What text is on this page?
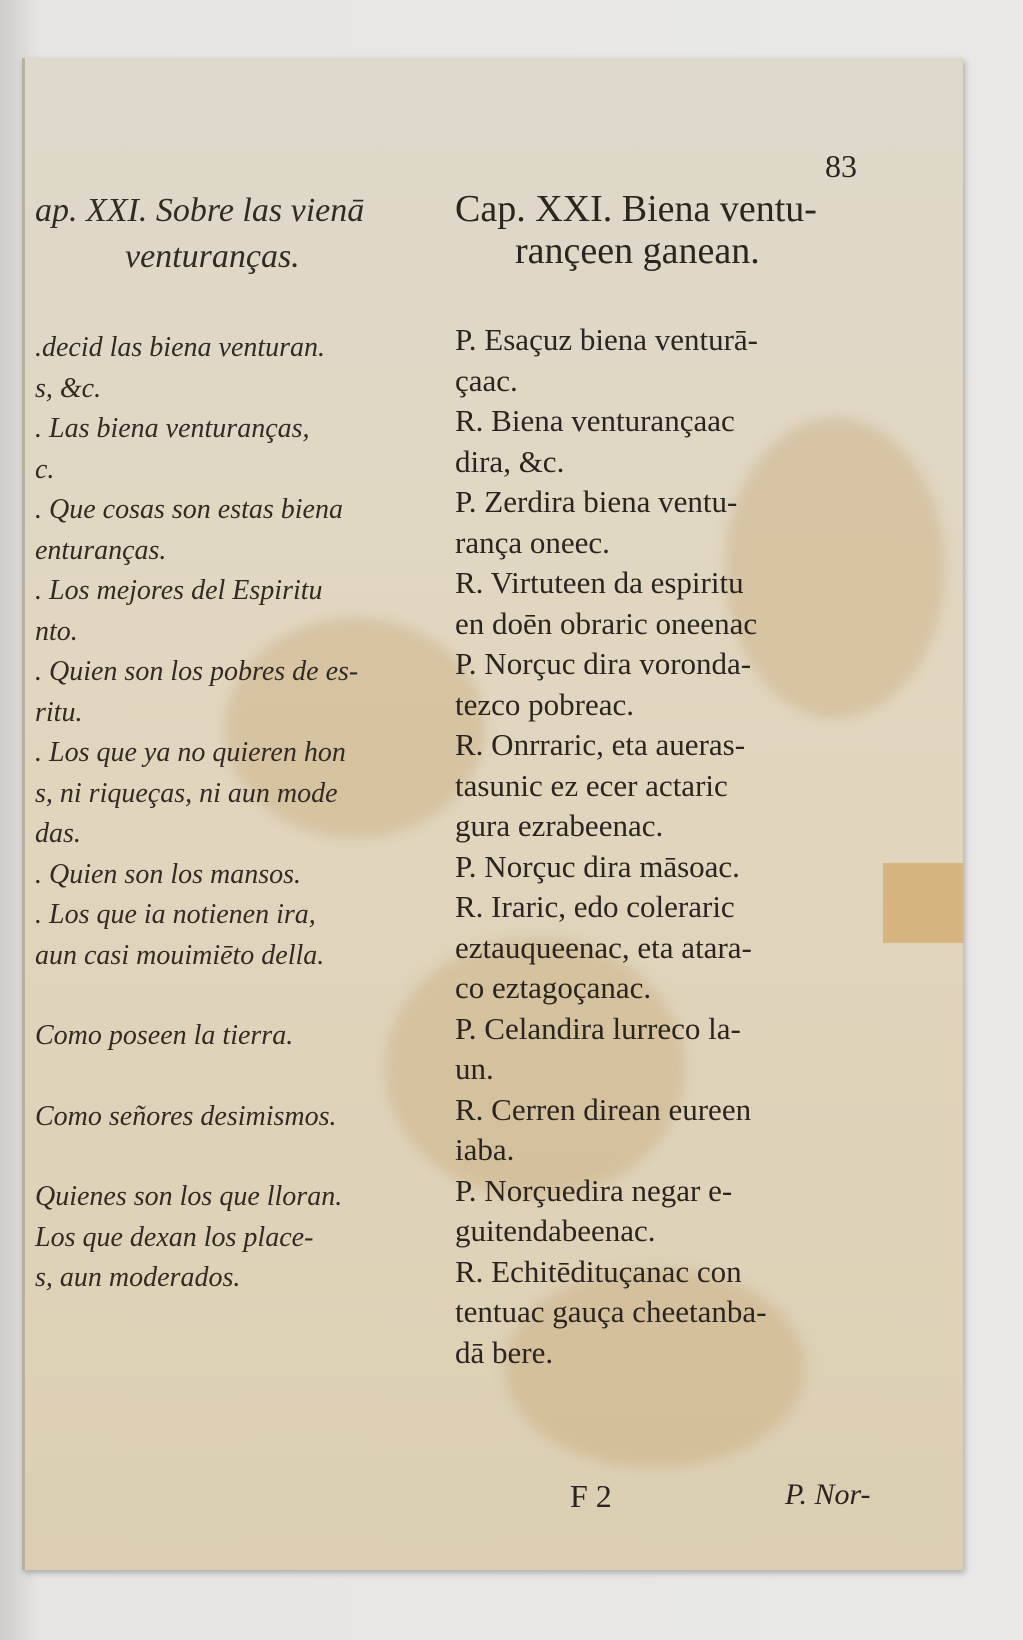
83
ap. XXI. Sobre las vienā
venturanças.

.decid las biena venturan.
s, &c.

. Las biena venturanças,
c.

. Que cosas son estas biena
enturanças.

. Los mejores del Espiritu
nto.

. Quien son los pobres de es-
ritu.

. Los que ya no quieren hon
s, ni riqueças, ni aun mode
das.

. Quien son los mansos.

. Los que ia notienen ira,
aun casi mouimiēto della.

Como poseen la tierra.

Como señores desimismos.

Quienes son los que lloran.
Los que dexan los place-
s, aun moderados.

Cap. XXI. Biena ventu-
rançeen ganean.

P. Esaçuz biena venturā-
çaac.

R. Biena venturançaac
dira, &c.

P. Zerdira biena ventu-
rança oneec.

R. Virtuteen da espiritu
en doēn obraric oneenac

P. Norçuc dira voronda-
tezco pobreac.

R. Onrraric, eta aueras-
tasunic ez ecer actaric
gura ezrabeenac.

P. Norçuc dira māsoac.

R. Iraric, edo coleraric
eztauqueenac, eta atara-
co eztagoçanac.

P. Celandira lurreco la-
un.

R. Cerren direan eureen
iaba.

P. Norçuedira negar e-
guitendabeenac.

R. Echitēdituçanac con
tentuac gauça cheetanba-
dā bere.

F 2	P. Nor-
